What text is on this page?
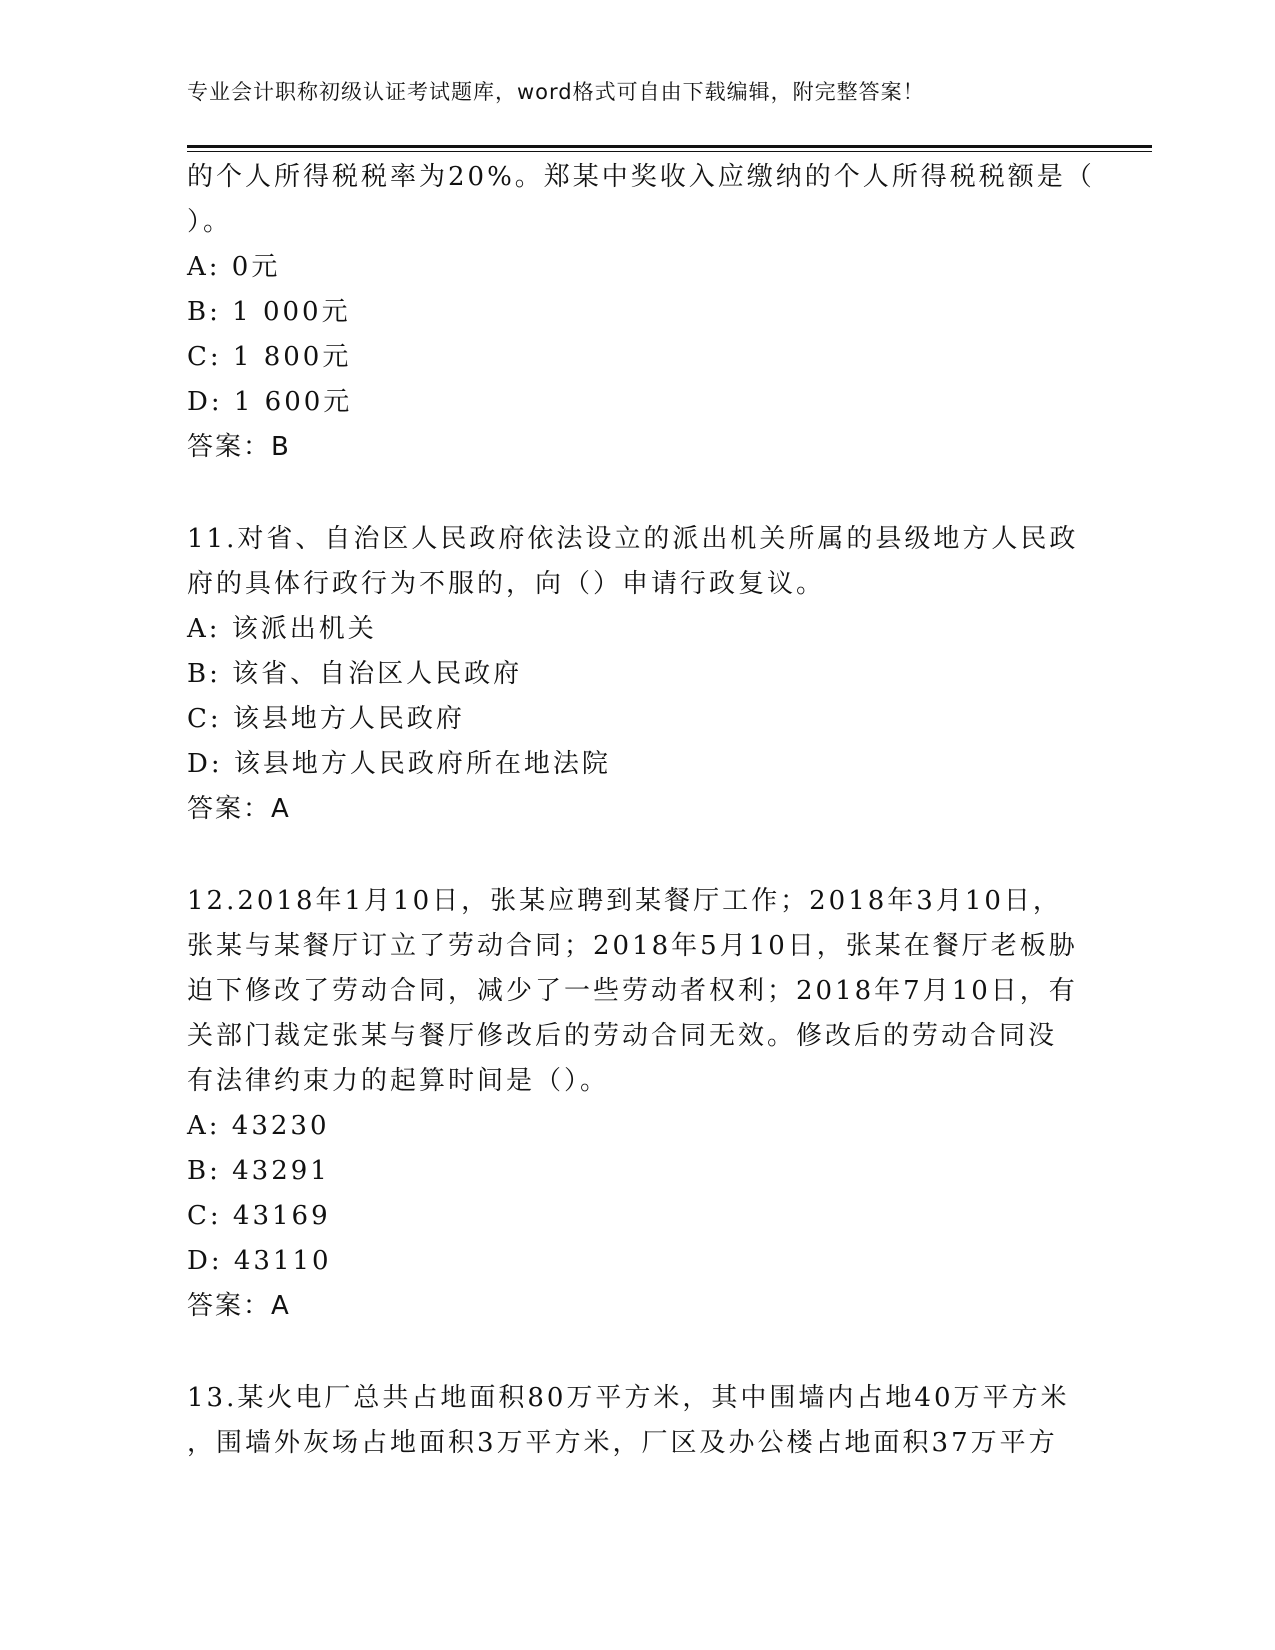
专业会计职称初级认证考试题库，word格式可自由下载编辑，附完整答案！
的个人所得税税率为20%。郑某中奖收入应缴纳的个人所得税税额是（
）。
A: 0元
B: 1 000元
C: 1 800元
D: 1 600元
答案：B
11.对省、自治区人民政府依法设立的派出机关所属的县级地方人民政
府的具体行政行为不服的，向（）申请行政复议。
A: 该派出机关
B: 该省、自治区人民政府
C: 该县地方人民政府
D: 该县地方人民政府所在地法院
答案：A
12.2018年1月10日，张某应聘到某餐厅工作；2018年3月10日，
张某与某餐厅订立了劳动合同；2018年5月10日，张某在餐厅老板胁
迫下修改了劳动合同，减少了一些劳动者权利；2018年7月10日，有
关部门裁定张某与餐厅修改后的劳动合同无效。修改后的劳动合同没
有法律约束力的起算时间是（）。
A: 43230
B: 43291
C: 43169
D: 43110
答案：A
13.某火电厂总共占地面积80万平方米，其中围墙内占地40万平方米
，围墙外灰场占地面积3万平方米，厂区及办公楼占地面积37万平方
